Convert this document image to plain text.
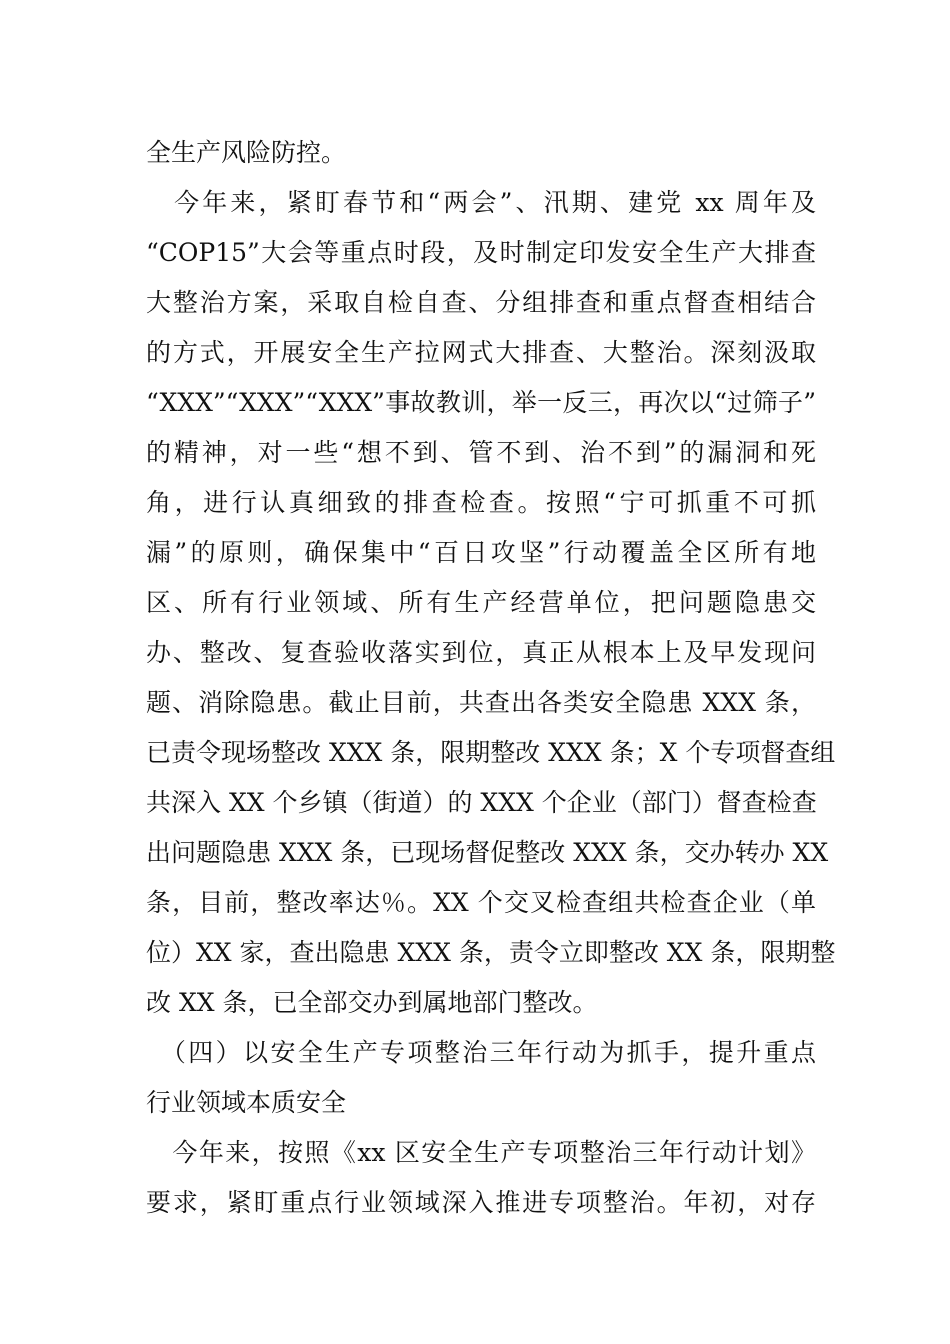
全生产风险防控。
　今年来，紧盯春节和“两会”、汛期、建党 xx 周年及
“COP15”大会等重点时段，及时制定印发安全生产大排查
大整治方案，采取自检自查、分组排查和重点督查相结合
的方式，开展安全生产拉网式大排查、大整治。深刻汲取
“XXX”“XXX”“XXX”事故教训，举一反三，再次以“过筛子”
的精神，对一些“想不到、管不到、治不到”的漏洞和死
角，进行认真细致的排查检查。按照“宁可抓重不可抓
漏”的原则，确保集中“百日攻坚”行动覆盖全区所有地
区、所有行业领域、所有生产经营单位，把问题隐患交
办、整改、复查验收落实到位，真正从根本上及早发现问
题、消除隐患。截止目前，共查出各类安全隐患 XXX 条，
已责令现场整改 XXX 条，限期整改 XXX 条；X 个专项督查组
共深入 XX 个乡镇（街道）的 XXX 个企业（部门）督查检查
出问题隐患 XXX 条，已现场督促整改 XXX 条，交办转办 XX
条，目前，整改率达％。XX 个交叉检查组共检查企业（单
位）XX 家，查出隐患 XXX 条，责令立即整改 XX 条，限期整
改 XX 条，已全部交办到属地部门整改。
　（四）以安全生产专项整治三年行动为抓手，提升重点
行业领域本质安全
　今年来，按照《xx 区安全生产专项整治三年行动计划》
要求，紧盯重点行业领域深入推进专项整治。年初，对存
